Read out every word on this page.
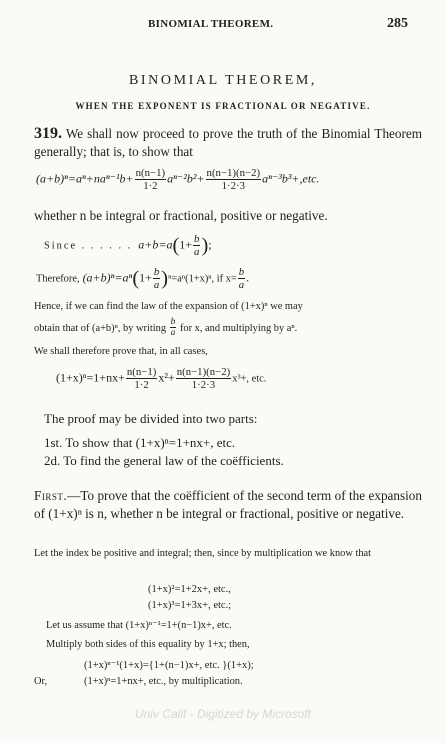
BINOMIAL THEOREM.	285
BINOMIAL THEOREM,
WHEN THE EXPONENT IS FRACTIONAL OR NEGATIVE.
319. We shall now proceed to prove the truth of the Binomial Theorem generally; that is, to show that
$(a+b)^n=a^n+na^{n-1}b+ \frac{n(n-1)}{1\cdot 2} a^{n-2}b^2+ \frac{n(n-1)(n-2)}{1\cdot 2\cdot 3} a^{n-3}b^3+,etc$.
whether n be integral or fractional, positive or negative.
Since . . . . . . $a+b=a(1+ \frac{b}{a}$ );
Therefore, $(a+b)^n=a^n(1+ \frac{b}{a} )^n=a^n(1+x)^n$, if $x= \frac{b}{a}$ .
Hence, if we can find the law of the expansion of (1+x)ⁿ we may
obtain that of (a+b)ⁿ, by writing $\frac{b}{a}$ for x, and multiplying by aⁿ.
We shall therefore prove that, in all cases,
$(1+x)^n=1+nx+ \frac{n(n-1)}{1\cdot 2} x^2+ \frac{n(n-1)(n-2)}{1\cdot 2\cdot 3} x^3+$, etc.
The proof may be divided into two parts:
1st. To show that (1+x)ⁿ=1+nx+, etc.
2d. To find the general law of the coëfficients.
First.—To prove that the coëfficient of the second term of the expansion of (1+x)ⁿ is n, whether n be integral or fractional, positive or negative.
Let the index be positive and integral; then, since by multiplication we know that
(1+x)²=1+2x+, etc.,
(1+x)³=1+3x+, etc.;
Let us assume that (1+x)ⁿ⁻¹=1+(n−1)x+, etc.
Multiply both sides of this equality by 1+x; then,
(1+x)ⁿ⁻¹(1+x)={1+(n−1)x+, etc. }(1+x);
Or,	(1+x)ⁿ=1+nx+, etc., by multiplication.
Univ Calif - Digitized by Microsoft
